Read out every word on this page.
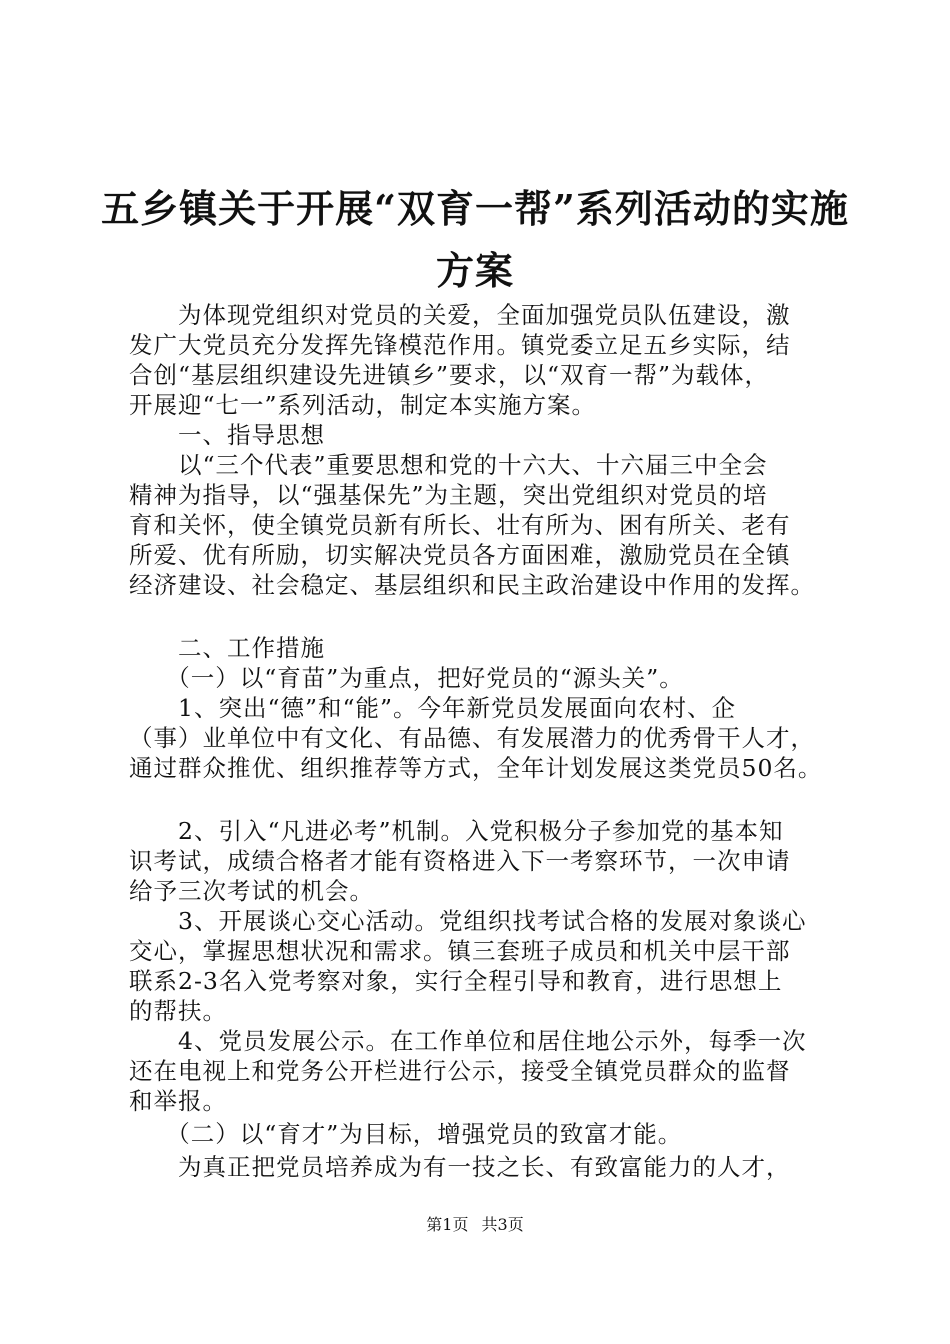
五乡镇关于开展“双育一帮”系列活动的实施
方案
　　为体现党组织对党员的关爱，全面加强党员队伍建设，激
发广大党员充分发挥先锋模范作用。镇党委立足五乡实际，结
合创“基层组织建设先进镇乡”要求，以“双育一帮”为载体，
开展迎“七一”系列活动，制定本实施方案。
　　一、指导思想
　　以“三个代表”重要思想和党的十六大、十六届三中全会
精神为指导，以“强基保先”为主题，突出党组织对党员的培
育和关怀，使全镇党员新有所长、壮有所为、困有所关、老有
所爱、优有所励，切实解决党员各方面困难，激励党员在全镇
经济建设、社会稳定、基层组织和民主政治建设中作用的发挥。
　　二、工作措施
　　（一）以“育苗”为重点，把好党员的“源头关”。
　　1、突出“德”和“能”。今年新党员发展面向农村、企
（事）业单位中有文化、有品德、有发展潜力的优秀骨干人才，
通过群众推优、组织推荐等方式，全年计划发展这类党员50名。
　　2、引入“凡进必考”机制。入党积极分子参加党的基本知
识考试，成绩合格者才能有资格进入下一考察环节，一次申请
给予三次考试的机会。
　　3、开展谈心交心活动。党组织找考试合格的发展对象谈心
交心，掌握思想状况和需求。镇三套班子成员和机关中层干部
联系2-3名入党考察对象，实行全程引导和教育，进行思想上
的帮扶。
　　4、党员发展公示。在工作单位和居住地公示外，每季一次
还在电视上和党务公开栏进行公示，接受全镇党员群众的监督
和举报。
　　（二）以“育才”为目标，增强党员的致富才能。
　　为真正把党员培养成为有一技之长、有致富能力的人才，
第1页 共3页
